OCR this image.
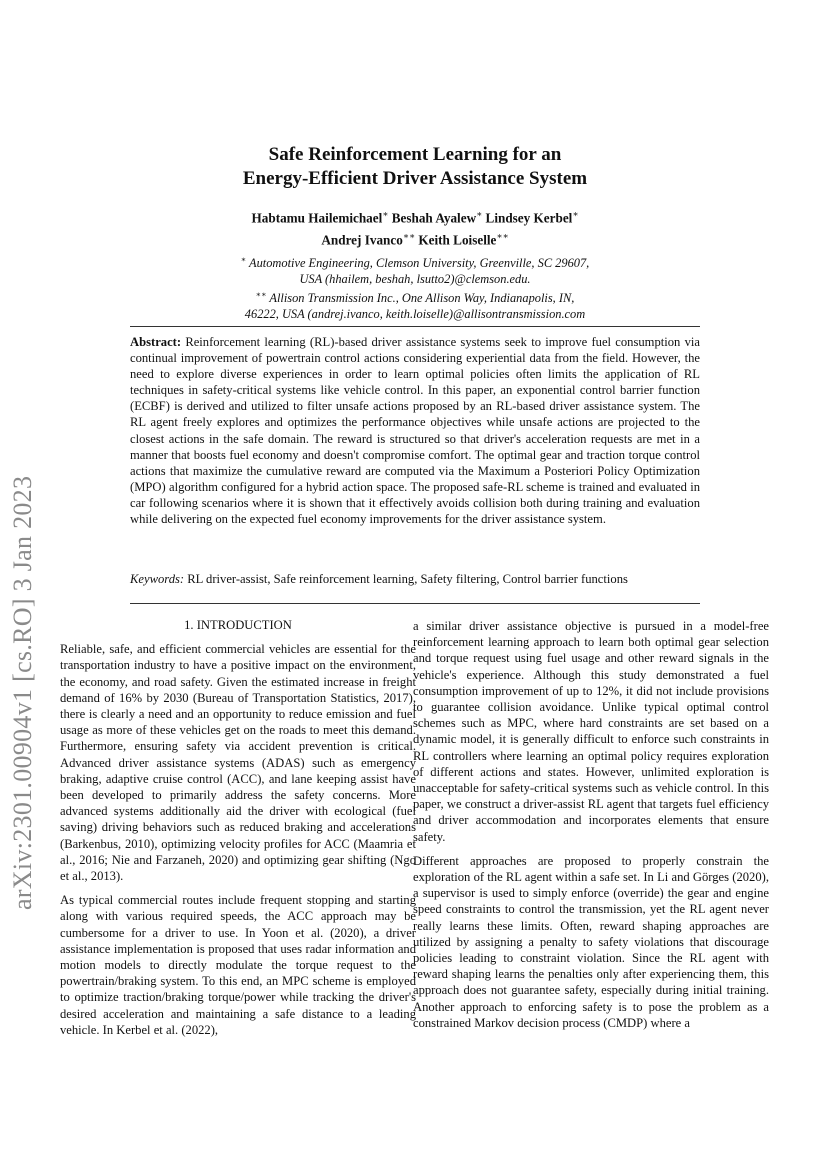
arXiv:2301.00904v1 [cs.RO] 3 Jan 2023
Safe Reinforcement Learning for an
Energy-Efficient Driver Assistance System
Habtamu Hailemichael∗ Beshah Ayalew∗ Lindsey Kerbel∗
Andrej Ivanco∗∗ Keith Loiselle∗∗
∗ Automotive Engineering, Clemson University, Greenville, SC 29607,
USA (hhailem, beshah, lsutto2)@clemson.edu.
∗∗ Allison Transmission Inc., One Allison Way, Indianapolis, IN,
46222, USA (andrej.ivanco, keith.loiselle)@allisontransmission.com
Abstract: Reinforcement learning (RL)-based driver assistance systems seek to improve fuel consumption via continual improvement of powertrain control actions considering experiential data from the field. However, the need to explore diverse experiences in order to learn optimal policies often limits the application of RL techniques in safety-critical systems like vehicle control. In this paper, an exponential control barrier function (ECBF) is derived and utilized to filter unsafe actions proposed by an RL-based driver assistance system. The RL agent freely explores and optimizes the performance objectives while unsafe actions are projected to the closest actions in the safe domain. The reward is structured so that driver's acceleration requests are met in a manner that boosts fuel economy and doesn't compromise comfort. The optimal gear and traction torque control actions that maximize the cumulative reward are computed via the Maximum a Posteriori Policy Optimization (MPO) algorithm configured for a hybrid action space. The proposed safe-RL scheme is trained and evaluated in car following scenarios where it is shown that it effectively avoids collision both during training and evaluation while delivering on the expected fuel economy improvements for the driver assistance system.
Keywords: RL driver-assist, Safe reinforcement learning, Safety filtering, Control barrier functions
1. INTRODUCTION

Reliable, safe, and efficient commercial vehicles are essential for the transportation industry to have a positive impact on the environment, the economy, and road safety. Given the estimated increase in freight demand of 16% by 2030 (Bureau of Transportation Statistics, 2017), there is clearly a need and an opportunity to reduce emission and fuel usage as more of these vehicles get on the roads to meet this demand. Furthermore, ensuring safety via accident prevention is critical. Advanced driver assistance systems (ADAS) such as emergency braking, adaptive cruise control (ACC), and lane keeping assist have been developed to primarily address the safety concerns. More advanced systems additionally aid the driver with ecological (fuel saving) driving behaviors such as reduced braking and accelerations (Barkenbus, 2010), optimizing velocity profiles for ACC (Maamria et al., 2016; Nie and Farzaneh, 2020) and optimizing gear shifting (Ngo et al., 2013).

As typical commercial routes include frequent stopping and starting along with various required speeds, the ACC approach may be cumbersome for a driver to use. In Yoon et al. (2020), a driver assistance implementation is proposed that uses radar information and motion models to directly modulate the torque request to the powertrain/braking system. To this end, an MPC scheme is employed to optimize traction/braking torque/power while tracking the driver's desired acceleration and maintaining a safe distance to a leading vehicle. In Kerbel et al. (2022),

a similar driver assistance objective is pursued in a model-free reinforcement learning approach to learn both optimal gear selection and torque request using fuel usage and other reward signals in the vehicle's experience. Although this study demonstrated a fuel consumption improvement of up to 12%, it did not include provisions to guarantee collision avoidance. Unlike typical optimal control schemes such as MPC, where hard constraints are set based on a dynamic model, it is generally difficult to enforce such constraints in RL controllers where learning an optimal policy requires exploration of different actions and states. However, unlimited exploration is unacceptable for safety-critical systems such as vehicle control. In this paper, we construct a driver-assist RL agent that targets fuel efficiency and driver accommodation and incorporates elements that ensure safety.

Different approaches are proposed to properly constrain the exploration of the RL agent within a safe set. In Li and Görges (2020), a supervisor is used to simply enforce (override) the gear and engine speed constraints to control the transmission, yet the RL agent never really learns these limits. Often, reward shaping approaches are utilized by assigning a penalty to safety violations that discourage policies leading to constraint violation. Since the RL agent with reward shaping learns the penalties only after experiencing them, this approach does not guarantee safety, especially during initial training. Another approach to enforcing safety is to pose the problem as a constrained Markov decision process (CMDP) where a
